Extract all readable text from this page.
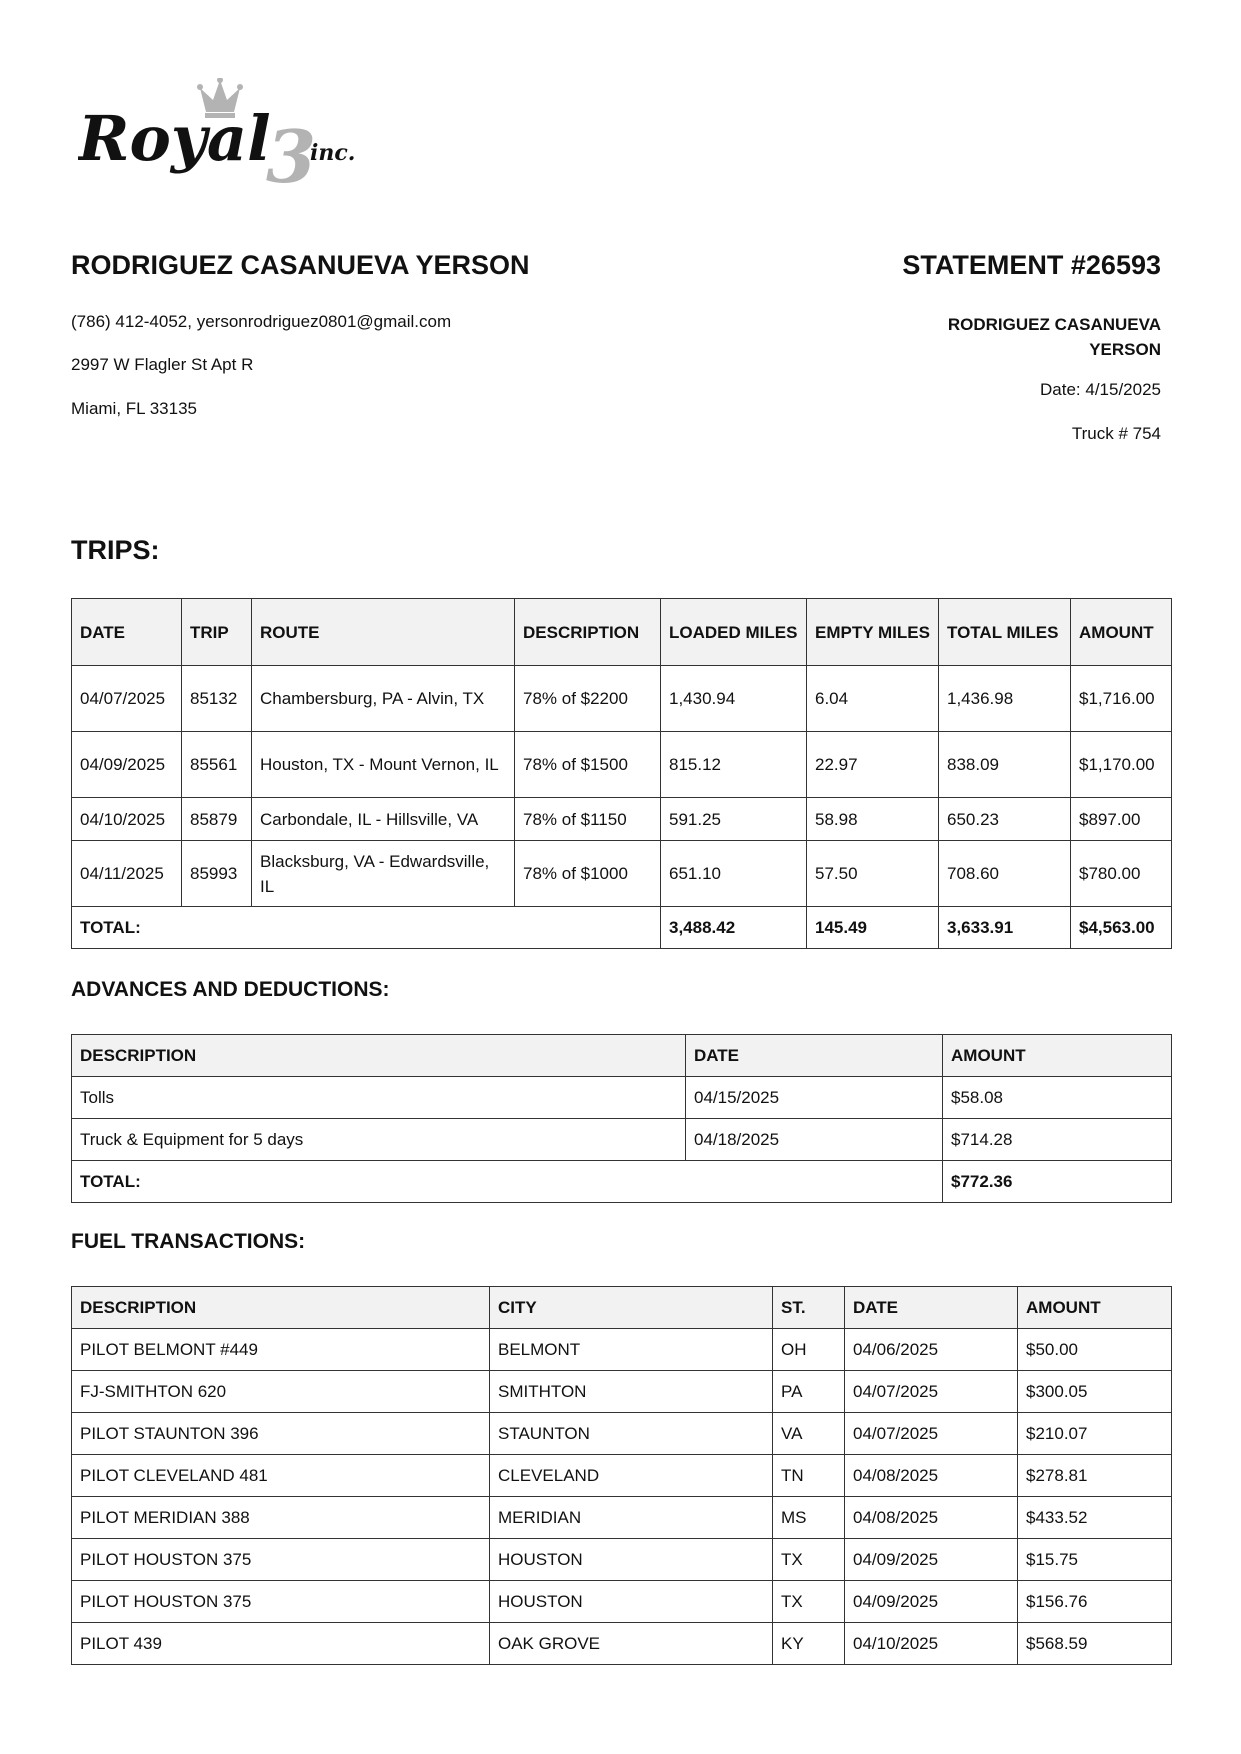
3
Royal inc.
RODRIGUEZ CASANUEVA YERSON	STATEMENT #26593
(786) 412-4052, yersonrodriguez0801@gmail.com
2997 W Flagler St Apt R
Miami, FL 33135
RODRIGUEZ CASANUEVA
YERSON
Date: 4/15/2025
Truck # 754
TRIPS:
DATE	TRIP	ROUTE	DESCRIPTION	LOADED MILES	EMPTY MILES	TOTAL MILES	AMOUNT
04/07/2025	85132	Chambersburg, PA - Alvin, TX	78% of $2200	1,430.94	6.04	1,436.98	$1,716.00
04/09/2025	85561	Houston, TX - Mount Vernon, IL	78% of $1500	815.12	22.97	838.09	$1,170.00
04/10/2025	85879	Carbondale, IL - Hillsville, VA	78% of $1150	591.25	58.98	650.23	$897.00
04/11/2025	85993	Blacksburg, VA - Edwardsville, IL	78% of $1000	651.10	57.50	708.60	$780.00
TOTAL:				3,488.42	145.49	3,633.91	$4,563.00
ADVANCES AND DEDUCTIONS:
DESCRIPTION	DATE	AMOUNT
Tolls	04/15/2025	$58.08
Truck & Equipment for 5 days	04/18/2025	$714.28
TOTAL:		$772.36
FUEL TRANSACTIONS:
DESCRIPTION	CITY	ST.	DATE	AMOUNT
PILOT BELMONT #449	BELMONT	OH	04/06/2025	$50.00
FJ-SMITHTON 620	SMITHTON	PA	04/07/2025	$300.05
PILOT STAUNTON 396	STAUNTON	VA	04/07/2025	$210.07
PILOT CLEVELAND 481	CLEVELAND	TN	04/08/2025	$278.81
PILOT MERIDIAN 388	MERIDIAN	MS	04/08/2025	$433.52
PILOT HOUSTON 375	HOUSTON	TX	04/09/2025	$15.75
PILOT HOUSTON 375	HOUSTON	TX	04/09/2025	$156.76
PILOT 439	OAK GROVE	KY	04/10/2025	$568.59
